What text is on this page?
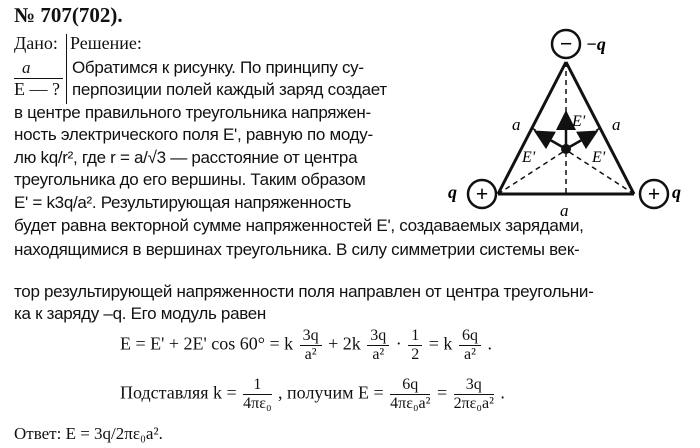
№ 707(702).
Дано:
a
E — ?
Решение:
Обратимся к рисунку. По принципу су-
перпозиции полей каждый заряд создает
в центре правильного треугольника напряжен-
ность электрического поля E', равную по моду-
лю kq/r², где r = a/√3 — расстояние от центра
треугольника до его вершины. Таким образом
E' = k3q/a². Результирующая напряженность
будет равна векторной сумме напряженностей E', создаваемых зарядами,
находящимися в вершинах треугольника. В силу симметрии системы век-
тор результирующей напряженности поля направлен от центра треугольни-
ка к заряду –q. Его модуль равен
E = E' + 2E' cos 60° = k $\frac{3q}{\text{a²}} + 2k \frac{3q}{\text{a²}} \cdot \frac{1}{2} = k \frac{6q}{\text{a²}}$ .
Подставляя $k = \frac{1}{\text{4πε₀}}$ , получим $E = \frac{6q}{\text{4πε₀a²}} = \frac{3q}{\text{2πε₀a²}}$ .
Ответ: E = 3q/2πε₀a².
− −q
+
q	+ q
a	a
a
E'
E'	E'
